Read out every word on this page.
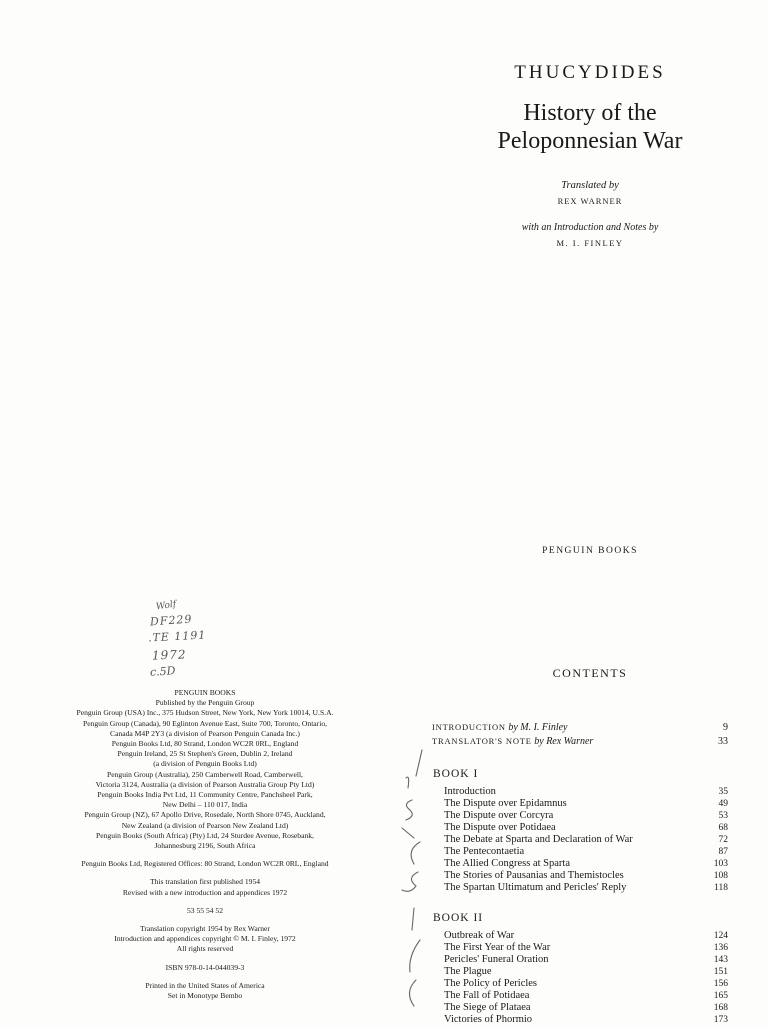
THUCYDIDES
History of the
Peloponnesian War
Translated by
REX WARNER
with an Introduction and Notes by
M. I. FINLEY
PENGUIN BOOKS
CONTENTS
INTRODUCTION by M. I. Finley	9
TRANSLATOR'S NOTE by Rex Warner	33
BOOK I
Introduction	35
The Dispute over Epidamnus	49
The Dispute over Corcyra	53
The Dispute over Potidaea	68
The Debate at Sparta and Declaration of War	72
The Pentecontaetia	87
The Allied Congress at Sparta	103
The Stories of Pausanias and Themistocles	108
The Spartan Ultimatum and Pericles' Reply	118
BOOK II
Outbreak of War	124
The First Year of the War	136
Pericles' Funeral Oration	143
The Plague	151
The Policy of Pericles	156
The Fall of Potidaea	165
The Siege of Plataea	168
Victories of Phormio	173
PENGUIN BOOKS
Published by the Penguin Group
Penguin Group (USA) Inc., 375 Hudson Street, New York, New York 10014, U.S.A.
Penguin Group (Canada), 90 Eglinton Avenue East, Suite 700, Toronto, Ontario,
Canada M4P 2Y3 (a division of Pearson Penguin Canada Inc.)
Penguin Books Ltd, 80 Strand, London WC2R 0RL, England
Penguin Ireland, 25 St Stephen's Green, Dublin 2, Ireland
(a division of Penguin Books Ltd)
Penguin Group (Australia), 250 Camberwell Road, Camberwell,
Victoria 3124, Australia (a division of Pearson Australia Group Pty Ltd)
Penguin Books India Pvt Ltd, 11 Community Centre, Panchsheel Park,
New Delhi – 110 017, India
Penguin Group (NZ), 67 Apollo Drive, Rosedale, North Shore 0745, Auckland,
New Zealand (a division of Pearson New Zealand Ltd)
Penguin Books (South Africa) (Pty) Ltd, 24 Sturdee Avenue, Rosebank,
Johannesburg 2196, South Africa
Penguin Books Ltd, Registered Offices: 80 Strand, London WC2R 0RL, England
This translation first published 1954
Revised with a new introduction and appendices 1972
53 55 54 52
Translation copyright 1954 by Rex Warner
Introduction and appendices copyright © M. I. Finley, 1972
All rights reserved
ISBN 978-0-14-044039-3
Printed in the United States of America
Set in Monotype Bembo
Wolf
DF229
.TE 1191
1972
c.5D
